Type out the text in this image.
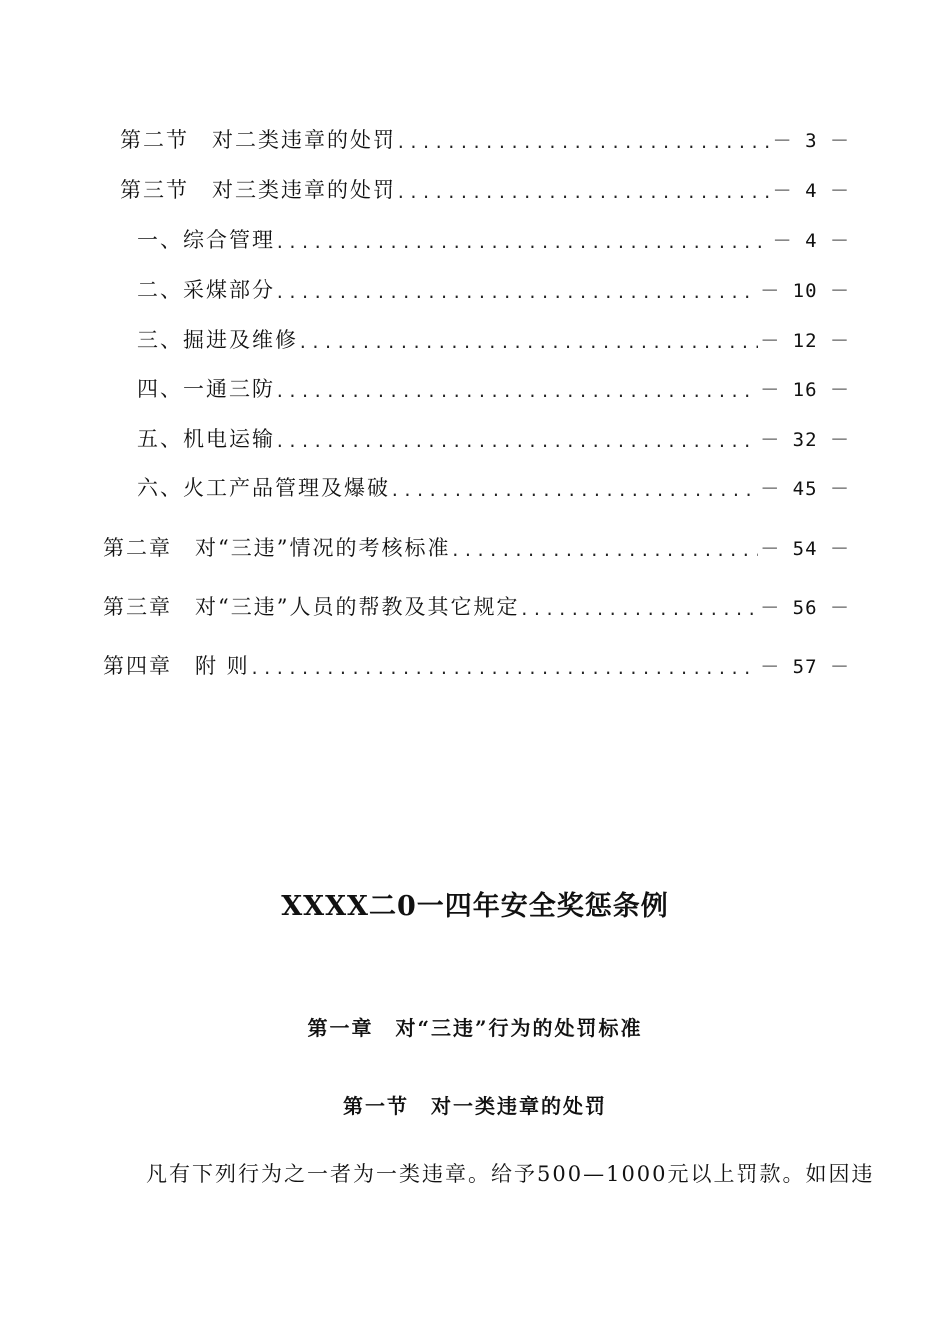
第二节　对二类违章的处罚 .....	－ 3 －
第三节　对三类违章的处罚 .....	－ 4 －
一、综合管理 .....	－ 4 －
二、采煤部分 .....	－ 10 －
三、掘进及维修 .....	－ 12 －
四、一通三防 .....	－ 16 －
五、机电运输 .....	－ 32 －
六、火工产品管理及爆破 .....	－ 45 －
第二章　对“三违”情况的考核标准 .....	－ 54 －
第三章　对“三违”人员的帮教及其它规定 .....	－ 56 －
第四章　附 则 .....	－ 57 －
XXXX二0一四年安全奖惩条例
第一章　对“三违”行为的处罚标准
第一节　对一类违章的处罚
凡有下列行为之一者为一类违章。给予500—1000元以上罚款。如因违
